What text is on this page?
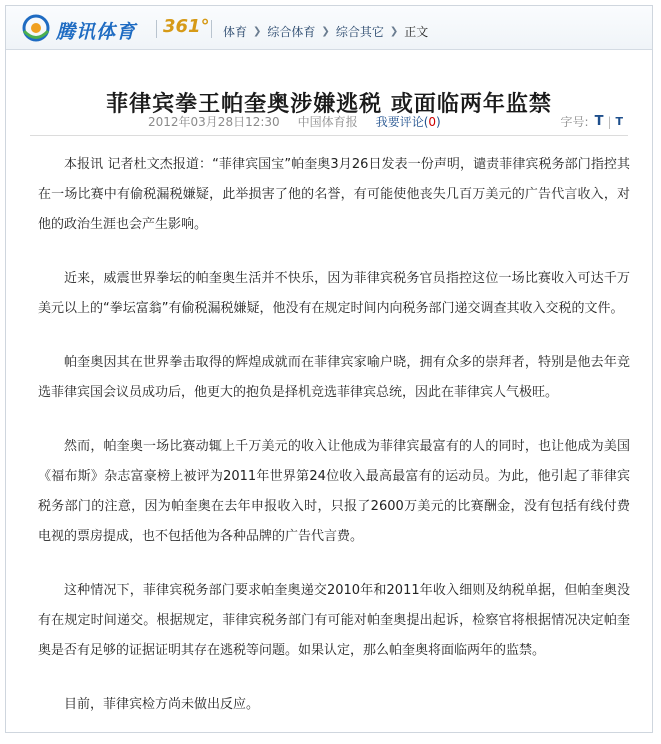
腾讯体育 361° 体育 ❯ 综合体育 ❯ 综合其它 ❯ 正文
菲律宾拳王帕奎奥涉嫌逃税 或面临两年监禁
2012年03月28日12:30 中国体育报 我要评论(0)	字号: T | T

本报讯 记者杜文杰报道：“菲律宾国宝”帕奎奥3月26日发表一份声明，谴责菲律宾税务部门指控其在一场比赛中有偷税漏税嫌疑，此举损害了他的名誉，有可能使他丧失几百万美元的广告代言收入，对他的政治生涯也会产生影响。

近来，威震世界拳坛的帕奎奥生活并不快乐，因为菲律宾税务官员指控这位一场比赛收入可达千万美元以上的“拳坛富翁”有偷税漏税嫌疑，他没有在规定时间内向税务部门递交调查其收入交税的文件。

帕奎奥因其在世界拳击取得的辉煌成就而在菲律宾家喻户晓，拥有众多的崇拜者，特别是他去年竞选菲律宾国会议员成功后，他更大的抱负是择机竞选菲律宾总统，因此在菲律宾人气极旺。

然而，帕奎奥一场比赛动辄上千万美元的收入让他成为菲律宾最富有的人的同时，也让他成为美国《福布斯》杂志富豪榜上被评为2011年世界第24位收入最高最富有的运动员。为此，他引起了菲律宾税务部门的注意，因为帕奎奥在去年申报收入时，只报了2600万美元的比赛酬金，没有包括有线付费电视的票房提成，也不包括他为各种品牌的广告代言费。

这种情况下，菲律宾税务部门要求帕奎奥递交2010年和2011年收入细则及纳税单据，但帕奎奥没有在规定时间递交。根据规定，菲律宾税务部门有可能对帕奎奥提出起诉，检察官将根据情况决定帕奎奥是否有足够的证据证明其存在逃税等问题。如果认定，那么帕奎奥将面临两年的监禁。

目前，菲律宾检方尚未做出反应。
